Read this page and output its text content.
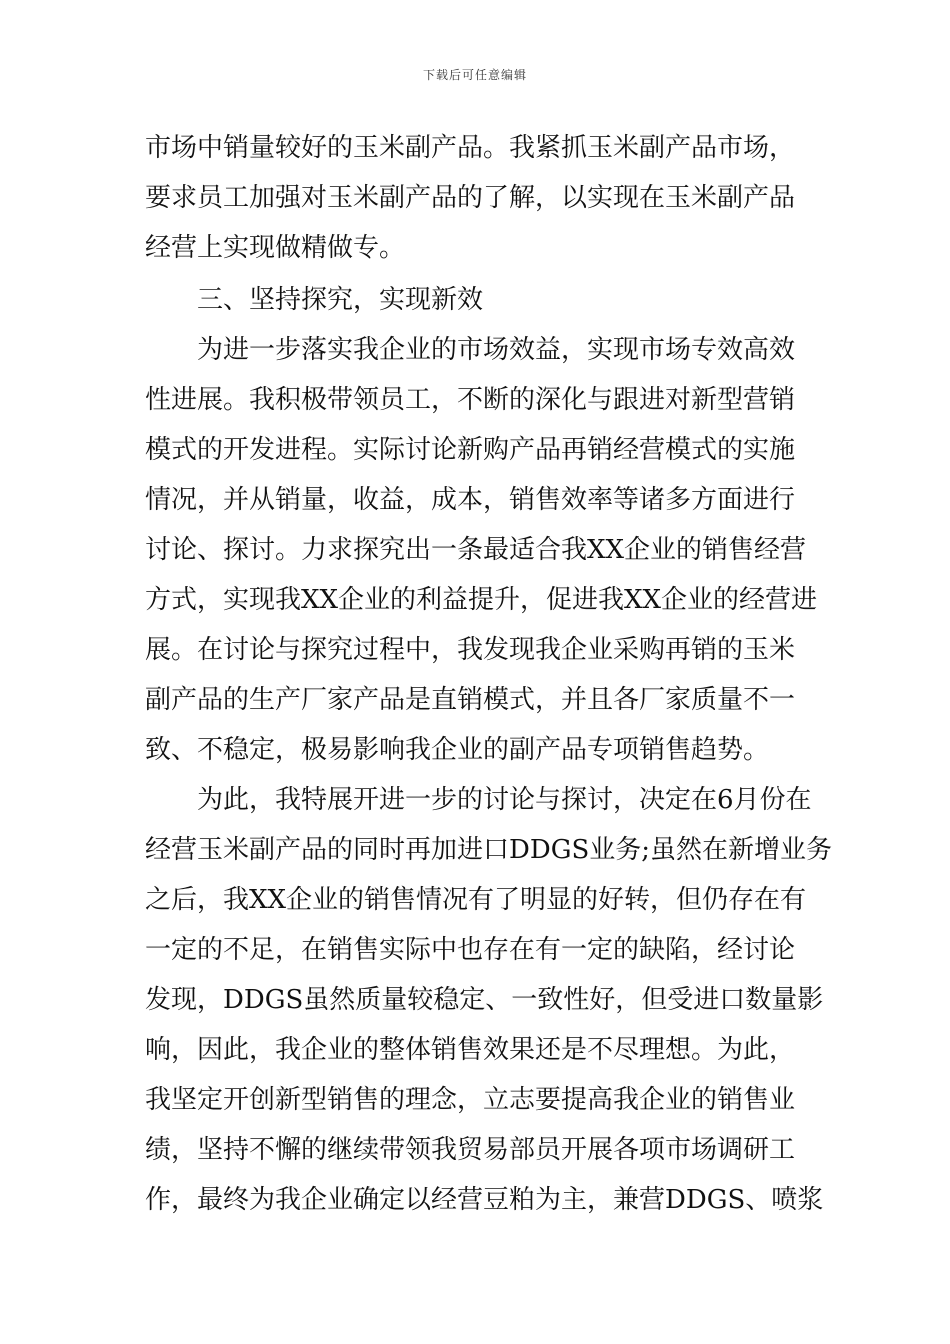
下载后可任意编辑
市场中销量较好的玉米副产品。我紧抓玉米副产品市场，
要求员工加强对玉米副产品的了解，以实现在玉米副产品
经营上实现做精做专。
三、坚持探究，实现新效
为进一步落实我企业的市场效益，实现市场专效高效
性进展。我积极带领员工，不断的深化与跟进对新型营销
模式的开发进程。实际讨论新购产品再销经营模式的实施
情况，并从销量，收益，成本，销售效率等诸多方面进行
讨论、探讨。力求探究出一条最适合我XX企业的销售经营
方式，实现我XX企业的利益提升，促进我XX企业的经营进
展。在讨论与探究过程中，我发现我企业采购再销的玉米
副产品的生产厂家产品是直销模式，并且各厂家质量不一
致、不稳定，极易影响我企业的副产品专项销售趋势。
为此，我特展开进一步的讨论与探讨，决定在6月份在
经营玉米副产品的同时再加进口DDGS业务;虽然在新增业务
之后，我XX企业的销售情况有了明显的好转，但仍存在有
一定的不足，在销售实际中也存在有一定的缺陷，经讨论
发现，DDGS虽然质量较稳定、一致性好，但受进口数量影
响，因此，我企业的整体销售效果还是不尽理想。为此，
我坚定开创新型销售的理念，立志要提高我企业的销售业
绩，坚持不懈的继续带领我贸易部员开展各项市场调研工
作，最终为我企业确定以经营豆粕为主，兼营DDGS、喷浆
